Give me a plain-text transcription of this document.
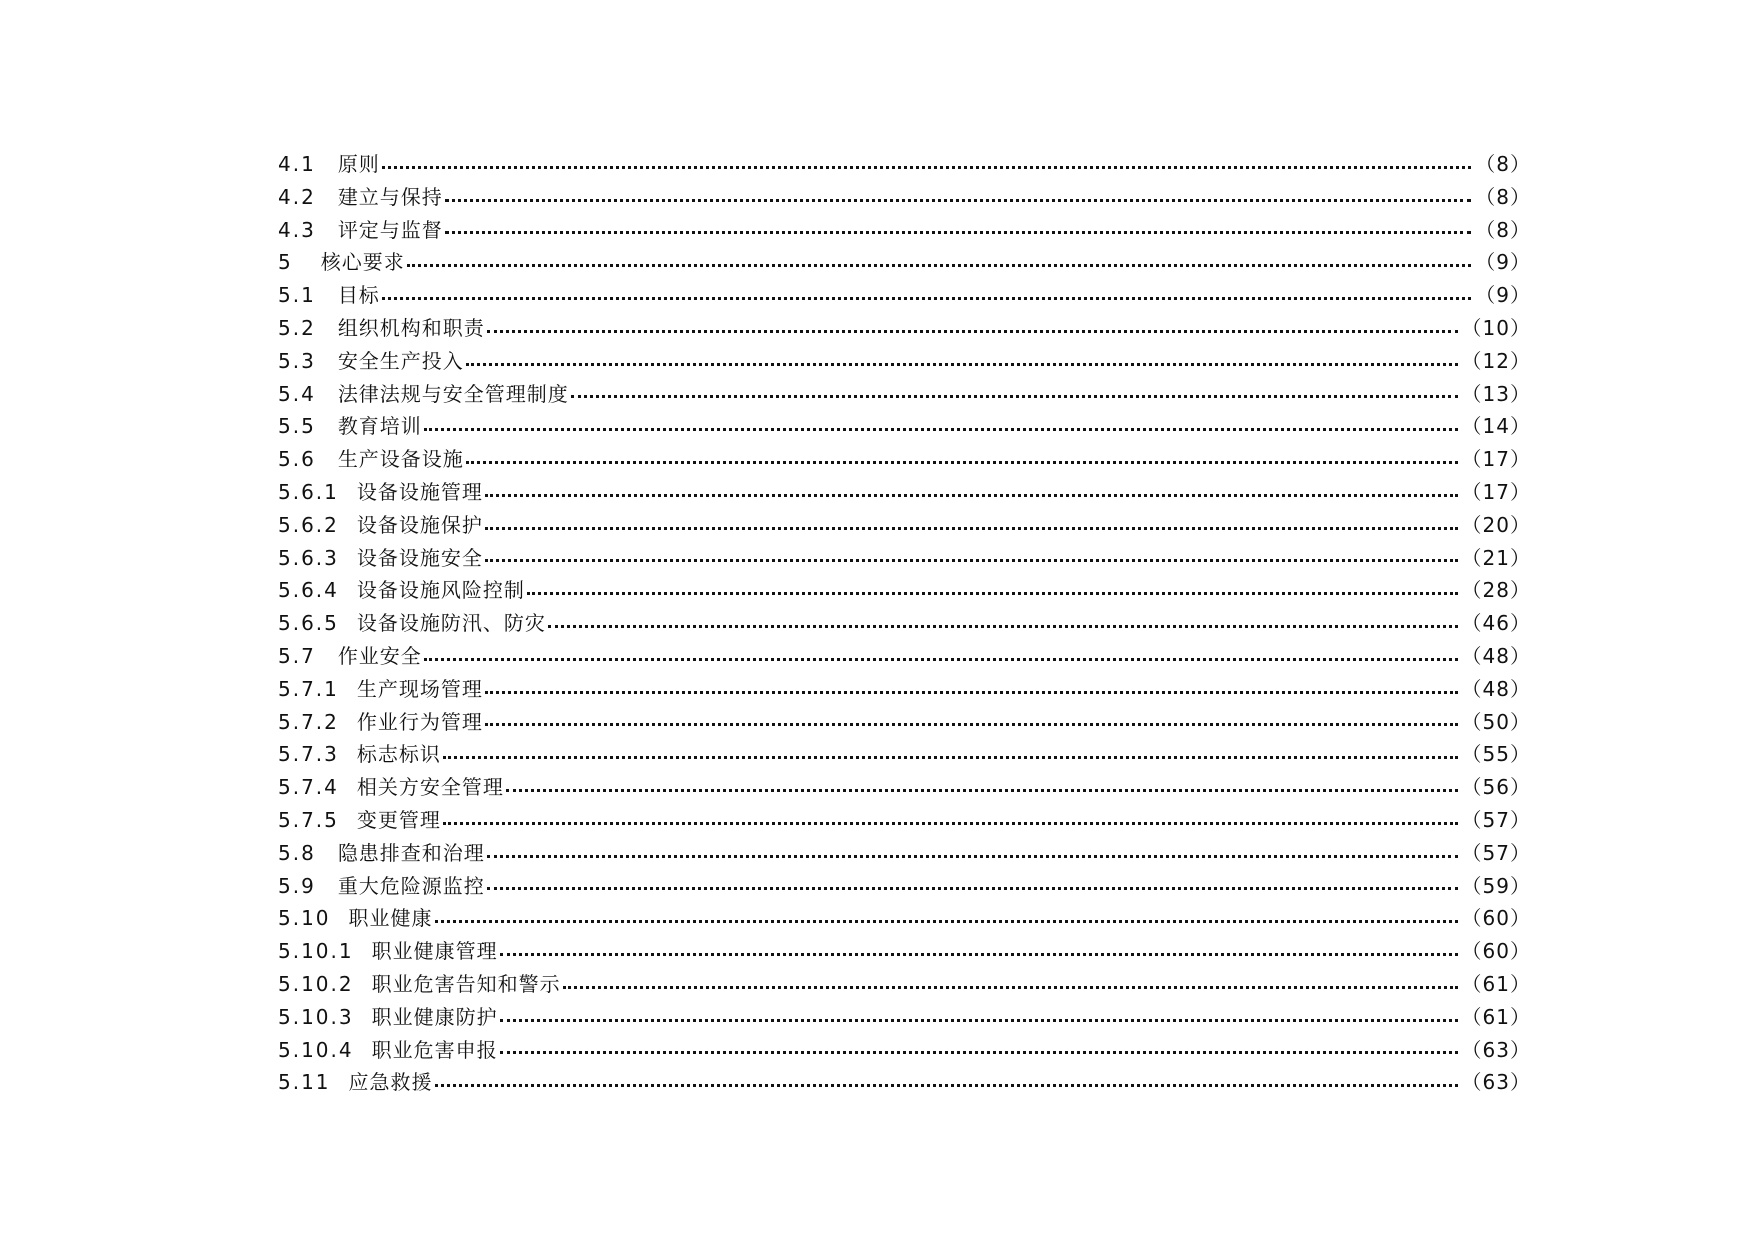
4.1 原则	（8）
4.2 建立与保持	（8）
4.3 评定与监督	（8）
5 核心要求	（9）
5.1 目标	（9）
5.2 组织机构和职责	（10）
5.3 安全生产投入	（12）
5.4 法律法规与安全管理制度	（13）
5.5 教育培训	（14）
5.6 生产设备设施	（17）
5.6.1 设备设施管理	（17）
5.6.2 设备设施保护	（20）
5.6.3 设备设施安全	（21）
5.6.4 设备设施风险控制	（28）
5.6.5 设备设施防汛、防灾	（46）
5.7 作业安全	（48）
5.7.1 生产现场管理	（48）
5.7.2 作业行为管理	（50）
5.7.3 标志标识	（55）
5.7.4 相关方安全管理	（56）
5.7.5 变更管理	（57）
5.8 隐患排查和治理	（57）
5.9 重大危险源监控	（59）
5.10 职业健康	（60）
5.10.1 职业健康管理	（60）
5.10.2 职业危害告知和警示	（61）
5.10.3 职业健康防护	（61）
5.10.4 职业危害申报	（63）
5.11 应急救援	（63）
